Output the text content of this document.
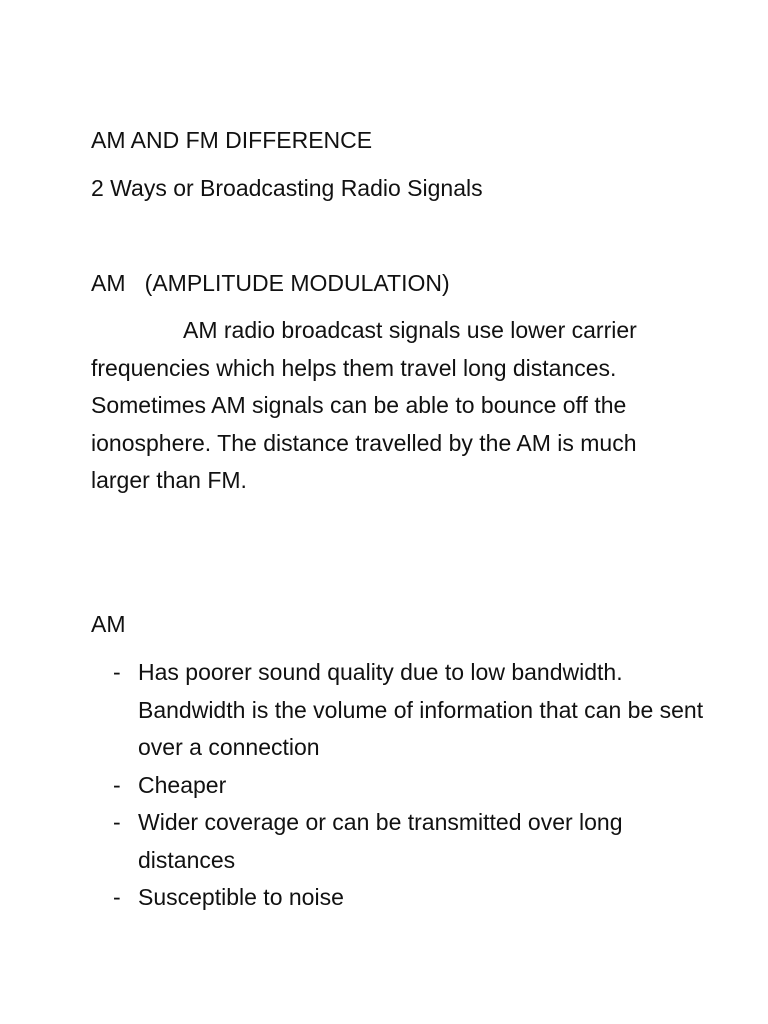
AM AND FM DIFFERENCE
2 Ways or Broadcasting Radio Signals
AM   (AMPLITUDE MODULATION)
AM radio broadcast signals use lower carrier frequencies which helps them travel long distances. Sometimes AM signals can be able to bounce off the ionosphere. The distance travelled by the AM is much larger than FM.
AM
- Has poorer sound quality due to low bandwidth. Bandwidth is the volume of information that can be sent over a connection
- Cheaper
- Wider coverage or can be transmitted over long distances
- Susceptible to noise
